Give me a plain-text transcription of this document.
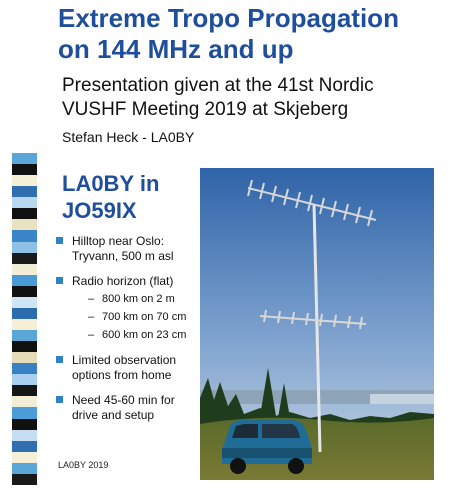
Extreme Tropo Propagation
on 144 MHz and up
Presentation given at the 41st Nordic
VUSHF Meeting 2019 at Skjeberg
Stefan Heck - LA0BY
LA0BY in
JO59IX
Hilltop near Oslo:
Tryvann, 500 m asl
Radio horizon (flat)
– 800 km on 2 m
– 700 km on 70 cm
– 600 km on 23 cm
Limited observation
options from home
Need 45-60 min for
drive and setup
LA0BY 2019
